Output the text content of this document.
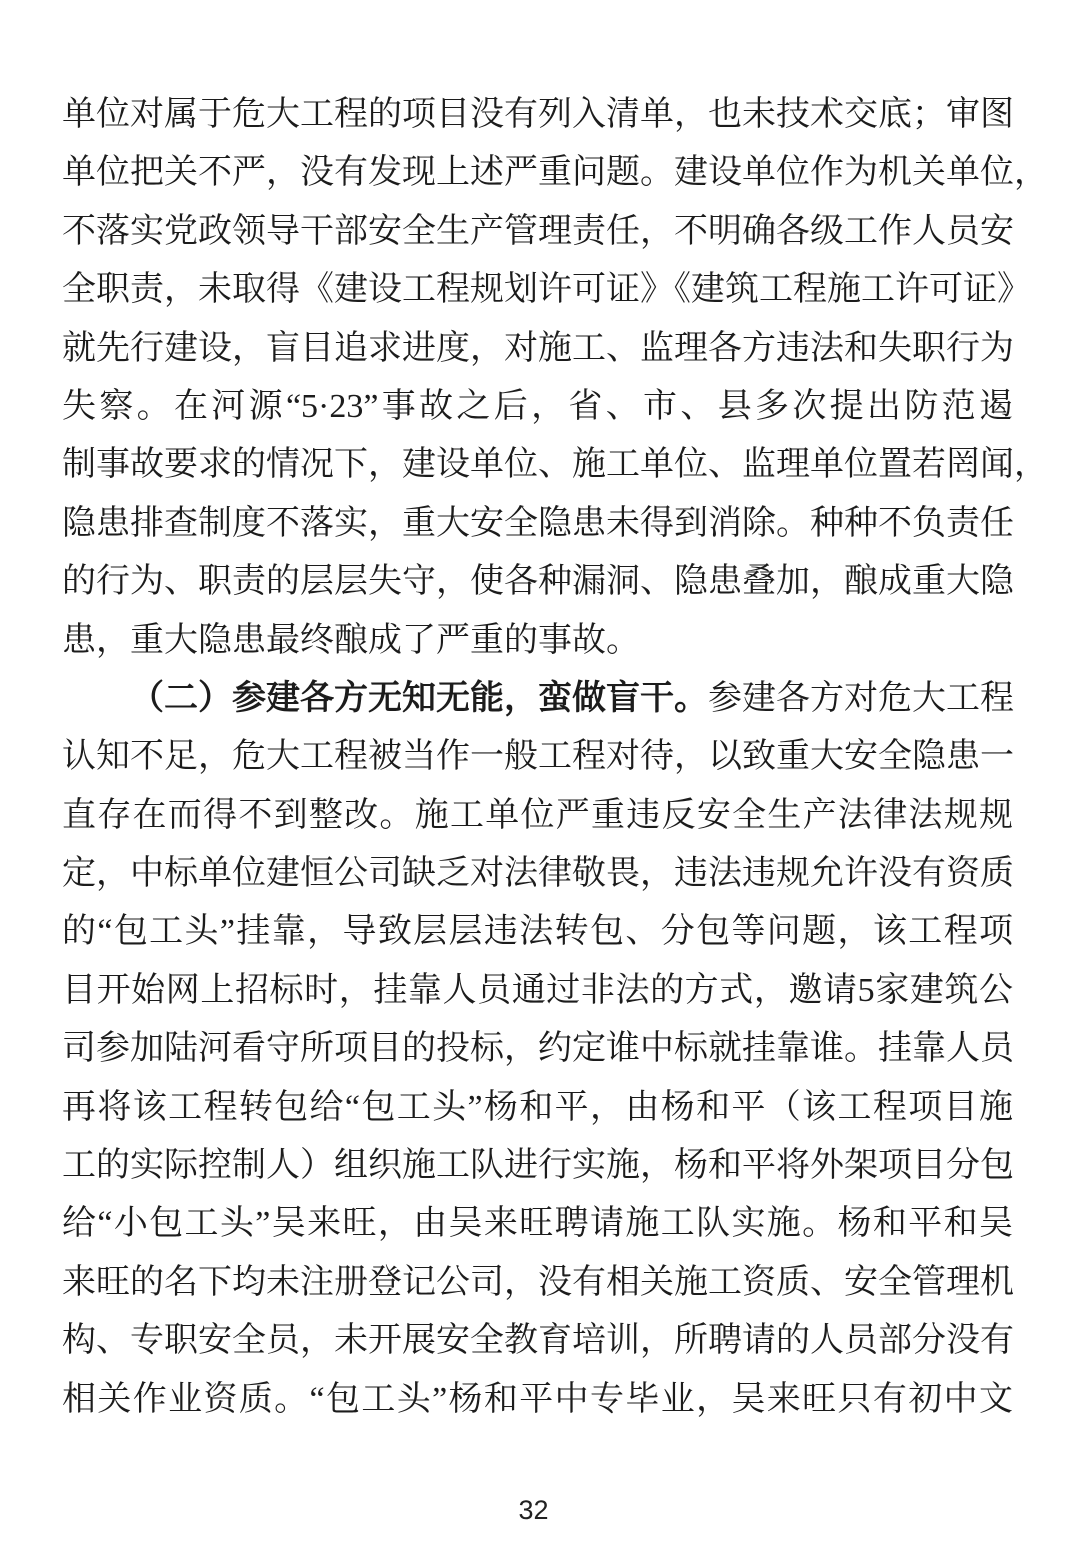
单位对属于危大工程的项目没有列入清单，也未技术交底；审图
单位把关不严，没有发现上述严重问题。建设单位作为机关单位，
不落实党政领导干部安全生产管理责任，不明确各级工作人员安
全职责，未取得《建设工程规划许可证》《建筑工程施工许可证》
就先行建设，盲目追求进度，对施工、监理各方违法和失职行为
失察。在河源“5·23”事故之后，省、市、县多次提出防范遏
制事故要求的情况下，建设单位、施工单位、监理单位置若罔闻，
隐患排查制度不落实，重大安全隐患未得到消除。种种不负责任
的行为、职责的层层失守，使各种漏洞、隐患叠加，酿成重大隐
患，重大隐患最终酿成了严重的事故。
（二）参建各方无知无能，蛮做盲干。参建各方对危大工程
认知不足，危大工程被当作一般工程对待，以致重大安全隐患一
直存在而得不到整改。施工单位严重违反安全生产法律法规规
定，中标单位建恒公司缺乏对法律敬畏，违法违规允许没有资质
的“包工头”挂靠，导致层层违法转包、分包等问题，该工程项
目开始网上招标时，挂靠人员通过非法的方式，邀请5家建筑公
司参加陆河看守所项目的投标，约定谁中标就挂靠谁。挂靠人员
再将该工程转包给“包工头”杨和平，由杨和平（该工程项目施
工的实际控制人）组织施工队进行实施，杨和平将外架项目分包
给“小包工头”吴来旺，由吴来旺聘请施工队实施。杨和平和吴
来旺的名下均未注册登记公司，没有相关施工资质、安全管理机
构、专职安全员，未开展安全教育培训，所聘请的人员部分没有
相关作业资质。“包工头”杨和平中专毕业，吴来旺只有初中文
32
